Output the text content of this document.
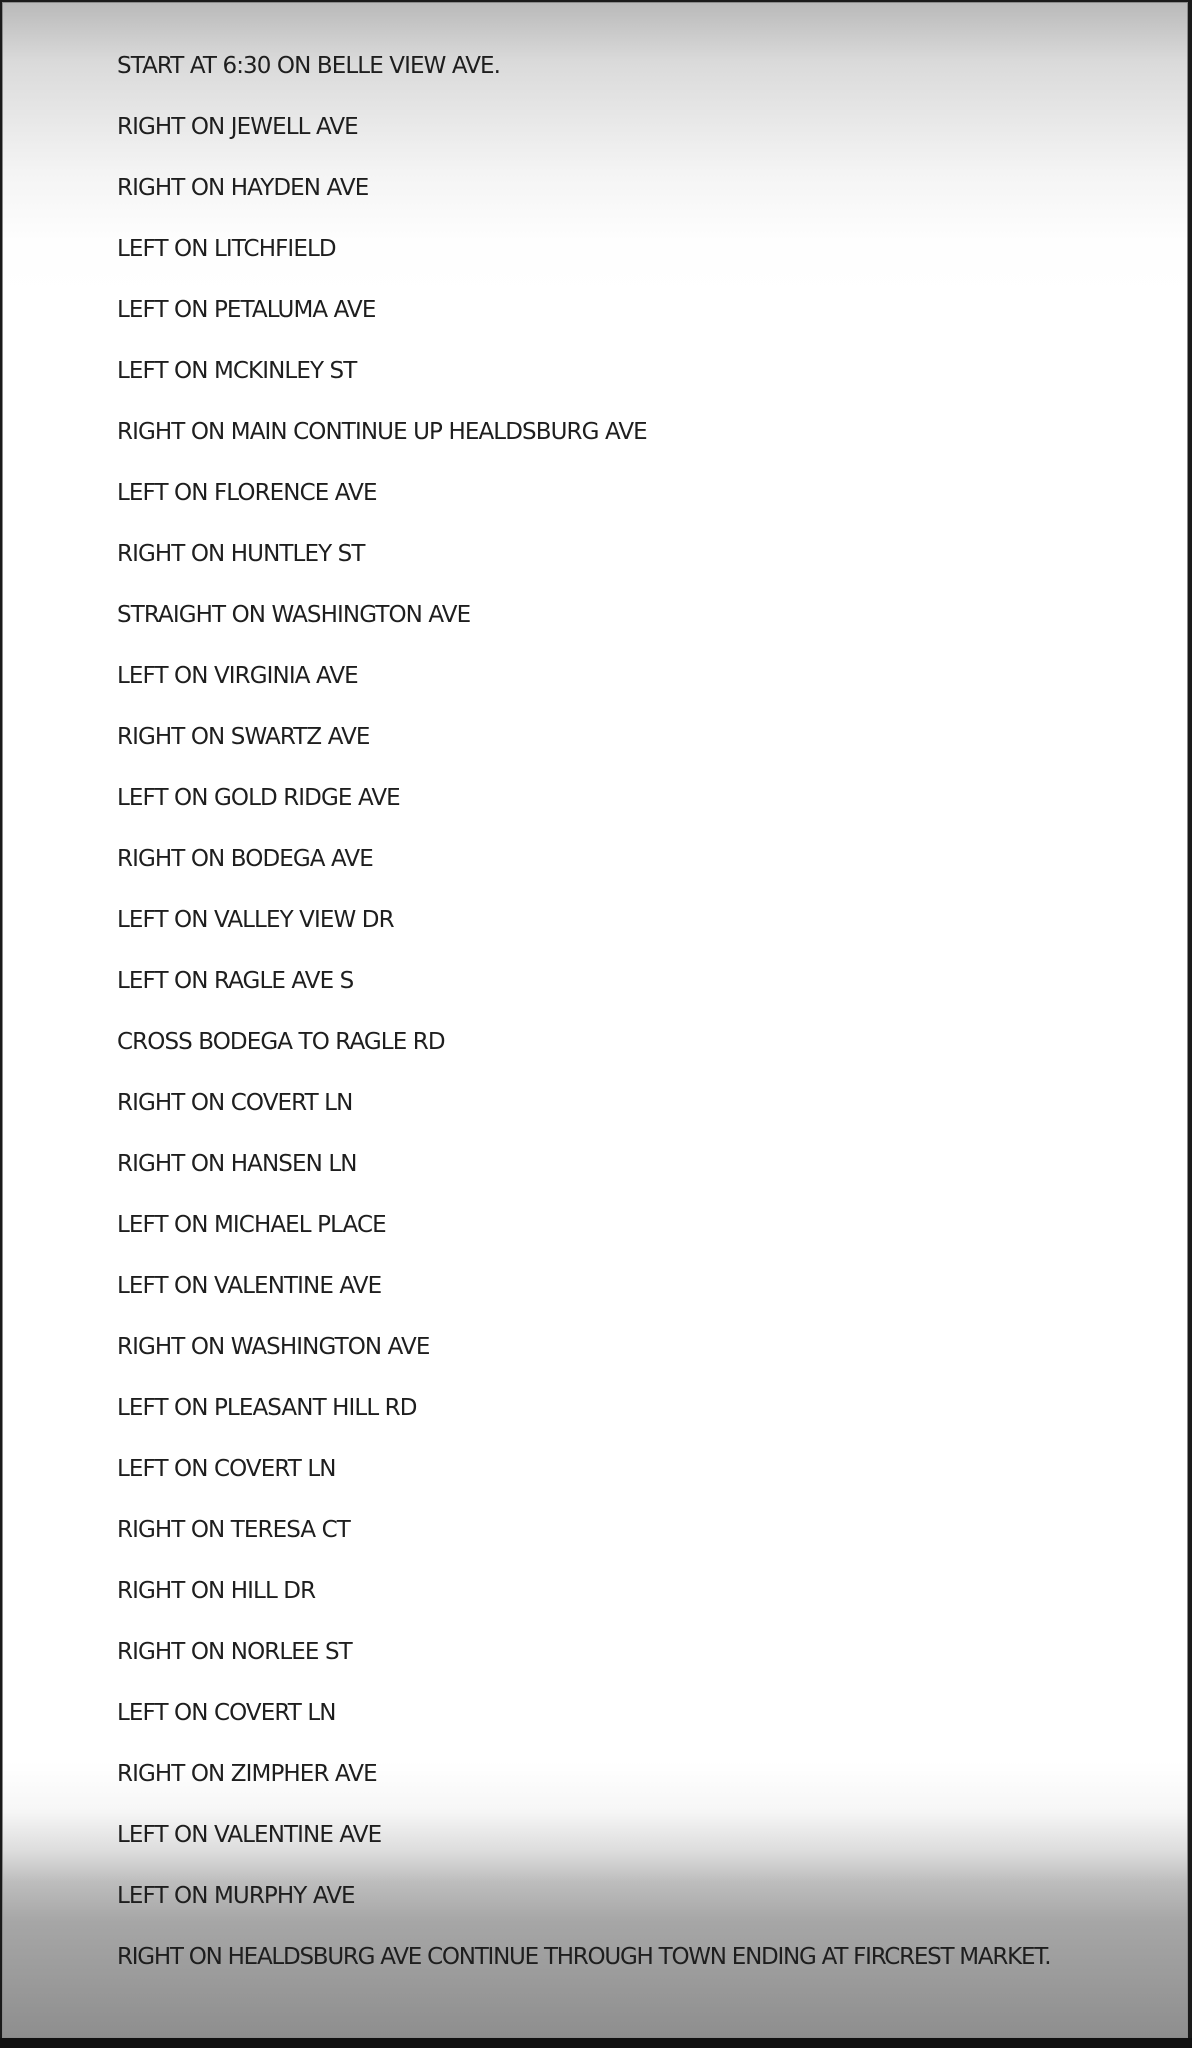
START AT 6:30 ON BELLE VIEW AVE.
RIGHT ON JEWELL AVE
RIGHT ON HAYDEN AVE
LEFT ON LITCHFIELD
LEFT ON PETALUMA AVE
LEFT ON MCKINLEY ST
RIGHT ON MAIN CONTINUE UP HEALDSBURG AVE
LEFT ON FLORENCE AVE
RIGHT ON HUNTLEY ST
STRAIGHT ON WASHINGTON AVE
LEFT ON VIRGINIA AVE
RIGHT ON SWARTZ AVE
LEFT ON GOLD RIDGE AVE
RIGHT ON BODEGA AVE
LEFT ON VALLEY VIEW DR
LEFT ON RAGLE AVE S
CROSS BODEGA TO RAGLE RD
RIGHT ON COVERT LN
RIGHT ON HANSEN LN
LEFT ON MICHAEL PLACE
LEFT ON VALENTINE AVE
RIGHT ON WASHINGTON AVE
LEFT ON PLEASANT HILL RD
LEFT ON COVERT LN
RIGHT ON TERESA CT
RIGHT ON HILL DR
RIGHT ON NORLEE ST
LEFT ON COVERT LN
RIGHT ON ZIMPHER AVE
LEFT ON VALENTINE AVE
LEFT ON MURPHY AVE
RIGHT ON HEALDSBURG AVE CONTINUE THROUGH TOWN ENDING AT FIRCREST MARKET.
